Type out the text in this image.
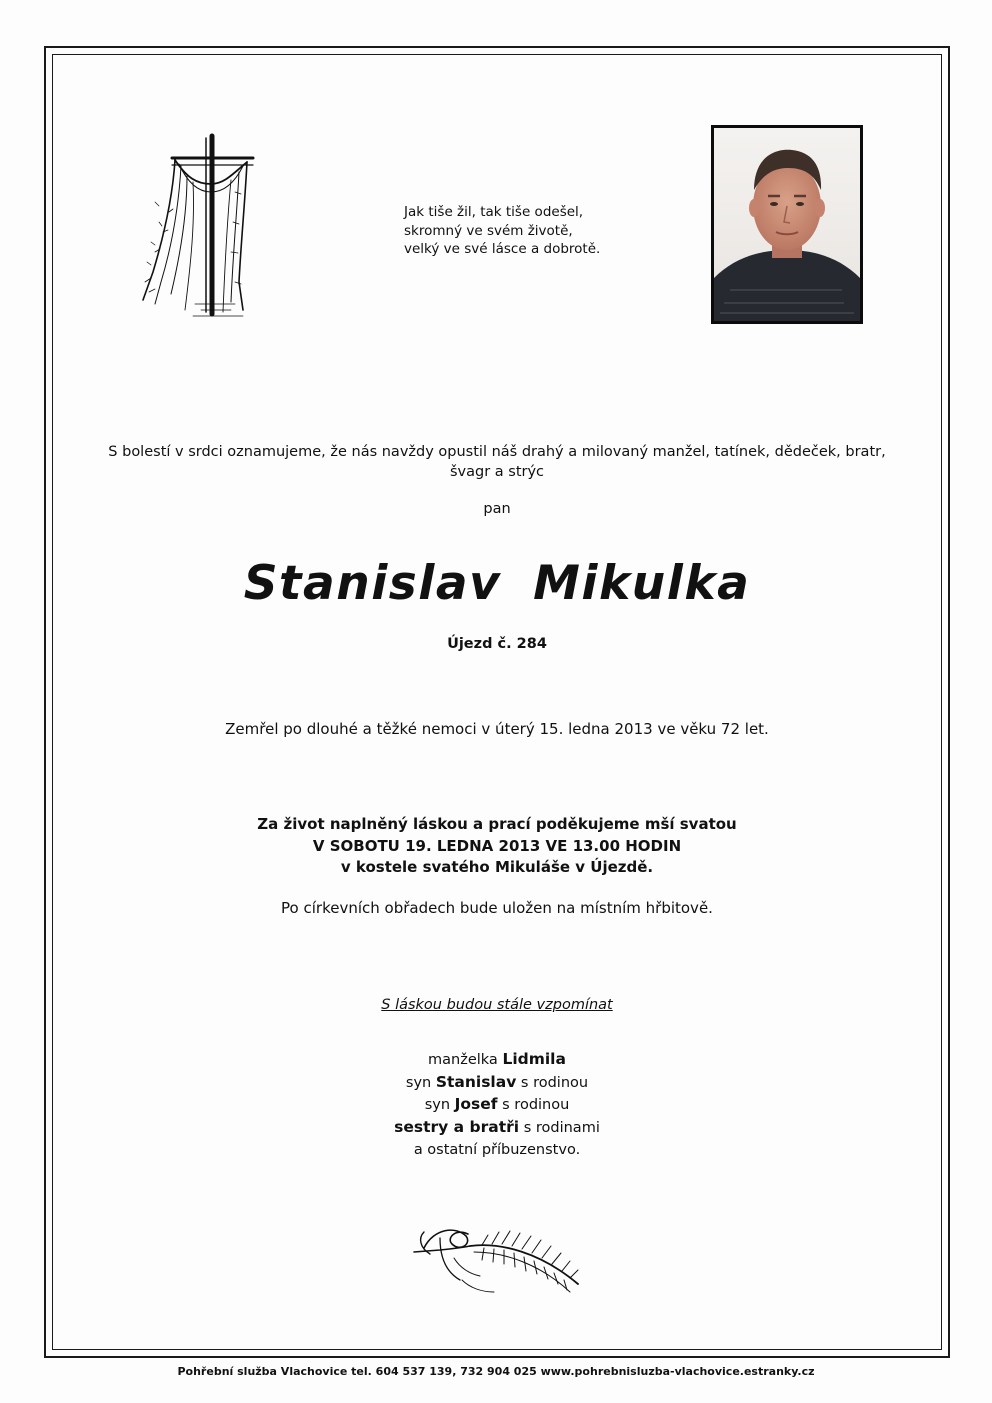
Jak tiše žil, tak tiše odešel,
skromný ve svém životě,
velký ve své lásce a dobrotě.
S bolestí v srdci oznamujeme, že nás navždy opustil náš drahý a milovaný manžel, tatínek, dědeček, bratr,
švagr a strýc
pan
Stanislav Mikulka
Újezd č. 284
Zemřel po dlouhé a těžké nemoci v úterý 15. ledna 2013 ve věku 72 let.
Za život naplněný láskou a prací poděkujeme mší svatou
V SOBOTU 19. LEDNA 2013 VE 13.00 HODIN
v kostele svatého Mikuláše v Újezdě.
Po církevních obřadech bude uložen na místním hřbitově.
S láskou budou stále vzpomínat
manželka Lidmila
syn Stanislav s rodinou
syn Josef s rodinou
sestry a bratři s rodinami
a ostatní příbuzenstvo.
Pohřební služba Vlachovice tel. 604 537 139, 732 904 025 www.pohrebnisluzba-vlachovice.estranky.cz
